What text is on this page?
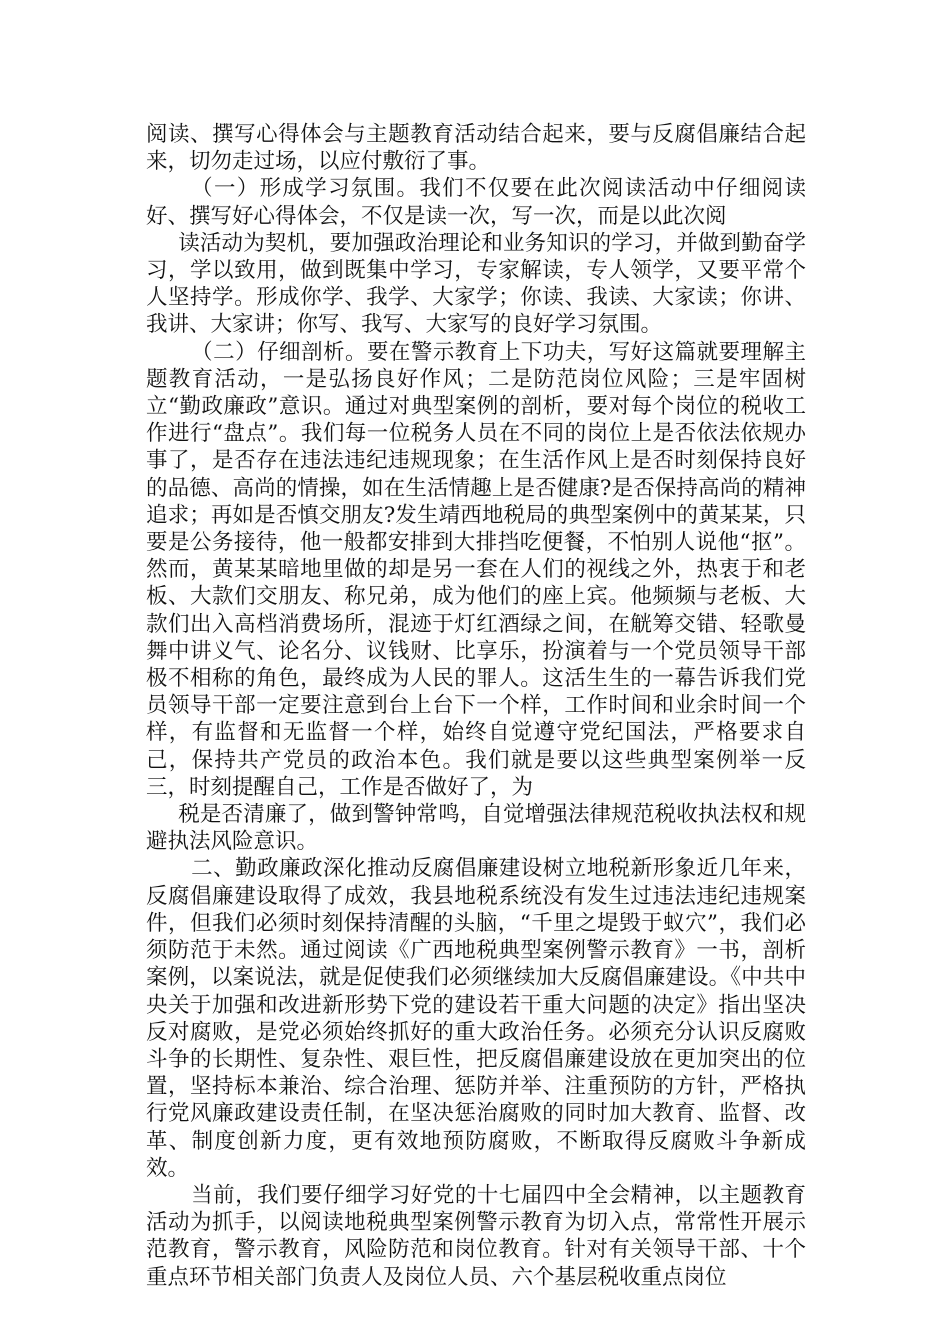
阅读、撰写心得体会与主题教育活动结合起来，要与反腐倡廉结合起来，切勿走过场，以应付敷衍了事。

（一）形成学习氛围。我们不仅要在此次阅读活动中仔细阅读好、撰写好心得体会，不仅是读一次，写一次，而是以此次阅

读活动为契机，要加强政治理论和业务知识的学习，并做到勤奋学习，学以致用，做到既集中学习，专家解读，专人领学，又要平常个人坚持学。形成你学、我学、大家学；你读、我读、大家读；你讲、我讲、大家讲；你写、我写、大家写的良好学习氛围。

（二）仔细剖析。要在警示教育上下功夫，写好这篇就要理解主题教育活动，一是弘扬良好作风；二是防范岗位风险；三是牢固树立“勤政廉政”意识。通过对典型案例的剖析，要对每个岗位的税收工作进行“盘点”。我们每一位税务人员在不同的岗位上是否依法依规办事了，是否存在违法违纪违规现象；在生活作风上是否时刻保持良好的品德、高尚的情操，如在生活情趣上是否健康?是否保持高尚的精神追求；再如是否慎交朋友?发生靖西地税局的典型案例中的黄某某，只要是公务接待，他一般都安排到大排挡吃便餐，不怕别人说他“抠”。然而，黄某某暗地里做的却是另一套在人们的视线之外，热衷于和老板、大款们交朋友、称兄弟，成为他们的座上宾。他频频与老板、大款们出入高档消费场所，混迹于灯红酒绿之间，在觥筹交错、轻歌曼舞中讲义气、论名分、议钱财、比享乐，扮演着与一个党员领导干部极不相称的角色，最终成为人民的罪人。这活生生的一幕告诉我们党员领导干部一定要注意到台上台下一个样，工作时间和业余时间一个样，有监督和无监督一个样，始终自觉遵守党纪国法，严格要求自己，保持共产党员的政治本色。我们就是要以这些典型案例举一反三，时刻提醒自己，工作是否做好了，为

税是否清廉了，做到警钟常鸣，自觉增强法律规范税收执法权和规避执法风险意识。

二、勤政廉政深化推动反腐倡廉建设树立地税新形象近几年来，反腐倡廉建设取得了成效，我县地税系统没有发生过违法违纪违规案件，但我们必须时刻保持清醒的头脑，“千里之堤毁于蚁穴”，我们必须防范于未然。通过阅读《广西地税典型案例警示教育》一书，剖析案例，以案说法，就是促使我们必须继续加大反腐倡廉建设。《中共中央关于加强和改进新形势下党的建设若干重大问题的决定》指出坚决反对腐败，是党必须始终抓好的重大政治任务。必须充分认识反腐败斗争的长期性、复杂性、艰巨性，把反腐倡廉建设放在更加突出的位置，坚持标本兼治、综合治理、惩防并举、注重预防的方针，严格执行党风廉政建设责任制，在坚决惩治腐败的同时加大教育、监督、改革、制度创新力度，更有效地预防腐败，不断取得反腐败斗争新成效。

当前，我们要仔细学习好党的十七届四中全会精神，以主题教育活动为抓手，以阅读地税典型案例警示教育为切入点，常常性开展示范教育，警示教育，风险防范和岗位教育。针对有关领导干部、十个重点环节相关部门负责人及岗位人员、六个基层税收重点岗位
